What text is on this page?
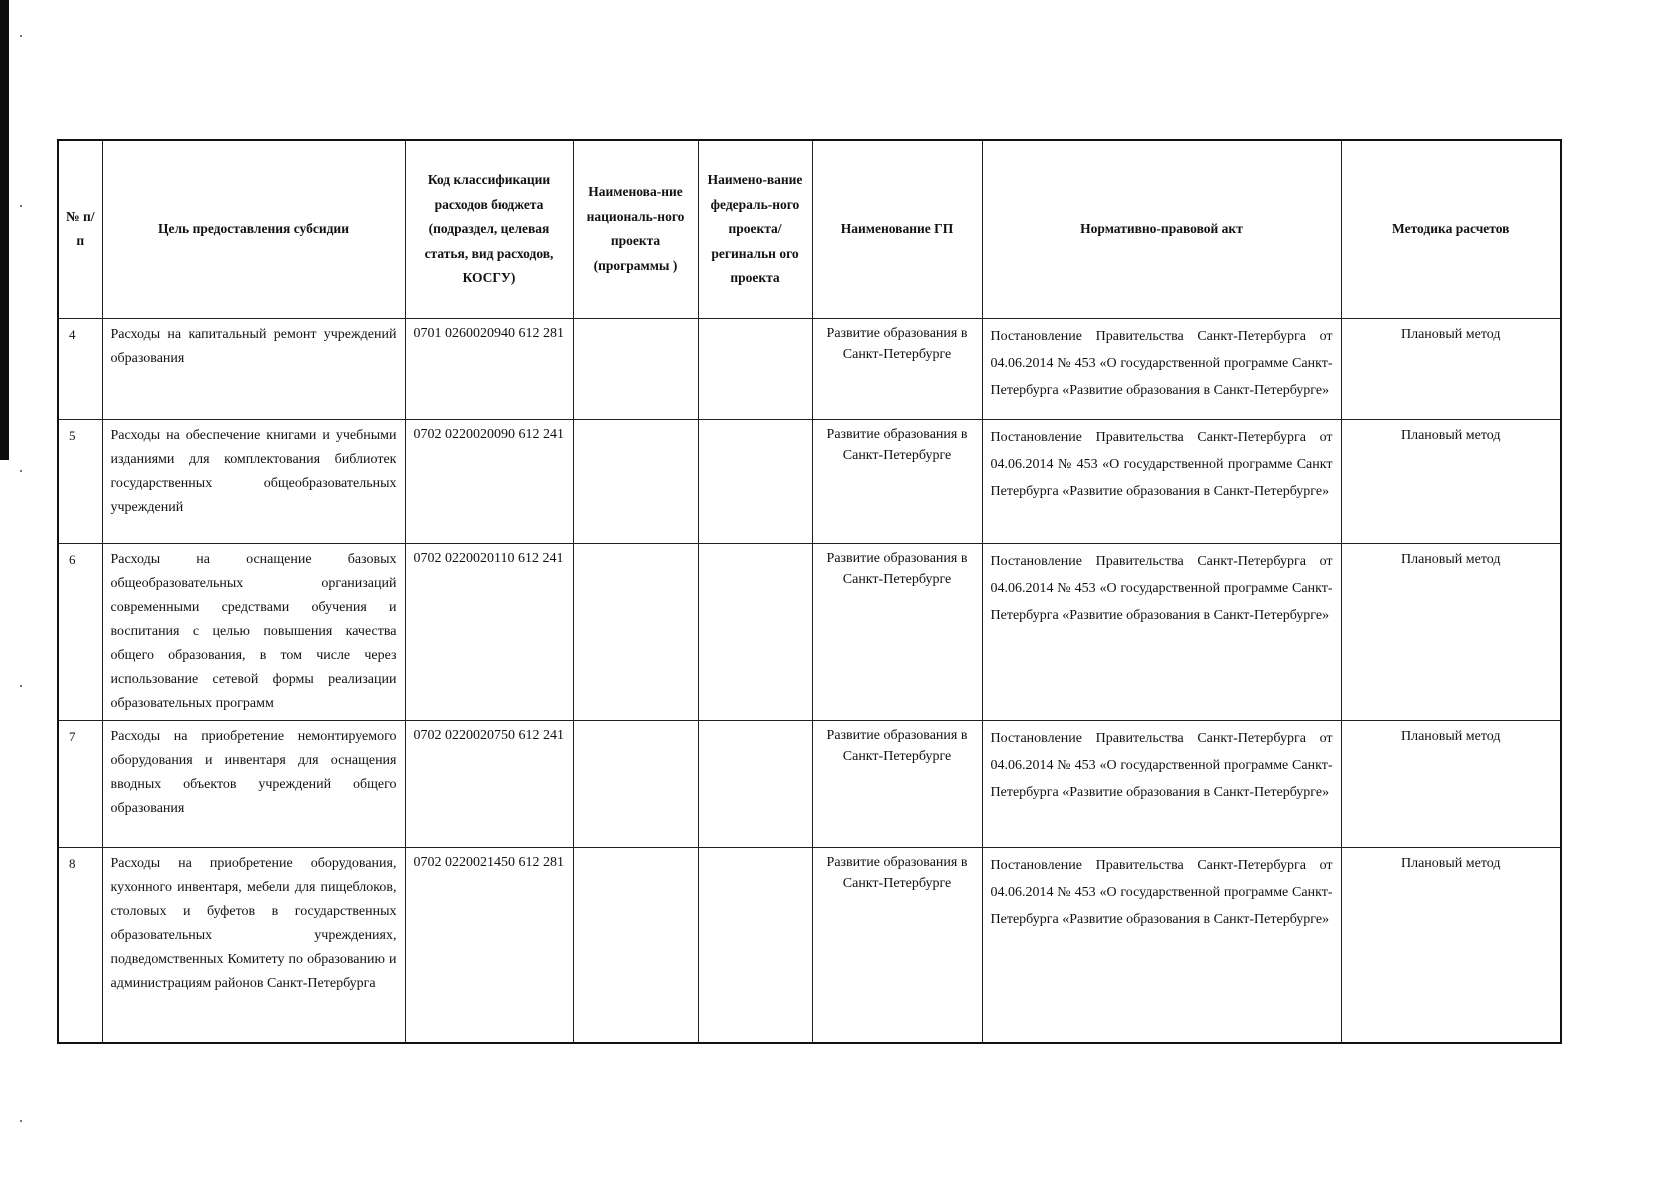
№ п/ п	Цель предоставления субсидии	Код классификации расходов бюджета (подраздел, целевая статья, вид расходов, КОСГУ)	Наименова-ние националь-ного проекта (программы )	Наимено-вание федераль-ного проекта/ регинальн ого проекта	Наименование ГП	Нормативно-правовой акт	Методика расчетов
4	Расходы на капитальный ремонт учреждений образования	0701 0260020940 612 281			Развитие образования в Санкт-Петербурге	Постановление Правительства Санкт-Петербурга от 04.06.2014 № 453 «О государственной программе Санкт-Петербурга «Развитие образования в Санкт-Петербурге»	Плановый метод
5	Расходы на обеспечение книгами и учебными изданиями для комплектования библиотек государственных общеобразовательных учреждений	0702 0220020090 612 241			Развитие образования в Санкт-Петербурге	Постановление Правительства Санкт-Петербурга от 04.06.2014 № 453 «О государственной программе Санкт Петербурга «Развитие образования в Санкт-Петербурге»	Плановый метод
6	Расходы на оснащение базовых общеобразовательных организаций современными средствами обучения и воспитания с целью повышения качества общего образования, в том числе через использование сетевой формы реализации образовательных программ	0702 0220020110 612 241			Развитие образования в Санкт-Петербурге	Постановление Правительства Санкт-Петербурга от 04.06.2014 № 453 «О государственной программе Санкт-Петербурга «Развитие образования в Санкт-Петербурге»	Плановый метод
7	Расходы на приобретение немонтируемого оборудования и инвентаря для оснащения вводных объектов учреждений общего образования	0702 0220020750 612 241			Развитие образования в Санкт-Петербурге	Постановление Правительства Санкт-Петербурга от 04.06.2014 № 453 «О государственной программе Санкт-Петербурга «Развитие образования в Санкт-Петербурге»	Плановый метод
8	Расходы на приобретение оборудования, кухонного инвентаря, мебели для пищеблоков, столовых и буфетов в государственных образовательных учреждениях, подведомственных Комитету по образованию и администрациям районов Санкт-Петербурга	0702 0220021450 612 281			Развитие образования в Санкт-Петербурге	Постановление Правительства Санкт-Петербурга от 04.06.2014 № 453 «О государственной программе Санкт-Петербурга «Развитие образования в Санкт-Петербурге»	Плановый метод
